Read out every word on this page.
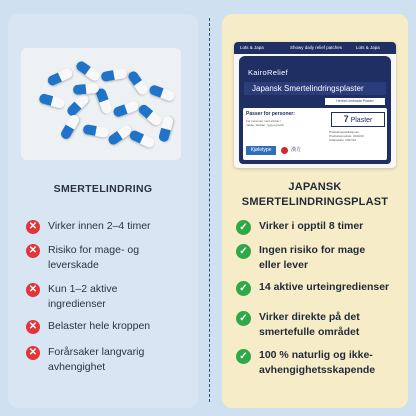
Lots & Japa	Showy daily relief patches	Lots & Japa
KairoRelief
Japansk Smertelindringsplaster
Herbal Umbrade Plaster
Passer for personer:
For personer med stivhet i
nakke, skulder, rygg og ledd.
7 Plaster
Produktspesifikasjoner
Produksjonsdato: 2023/10
Utløpsdato: 2027/10
Kjøletype	漢方
SMERTELINDRING	JAPANSK
SMERTELINDRINGSPLAST
✕ Virker innen 2–4 timer
✕ Risiko for mage- og
leverskade
✕ Kun 1–2 aktive
ingredienser
✕ Belaster hele kroppen
✕ Forårsaker langvarig
avhengighet
✓	Virker i opptil 8 timer
✓	Ingen risiko for mage
eller lever
✓	14 aktive urteingredienser
✓	Virker direkte på det
smertefulle området
✓	100 % naturlig og ikke-
avhengighetsskapende
